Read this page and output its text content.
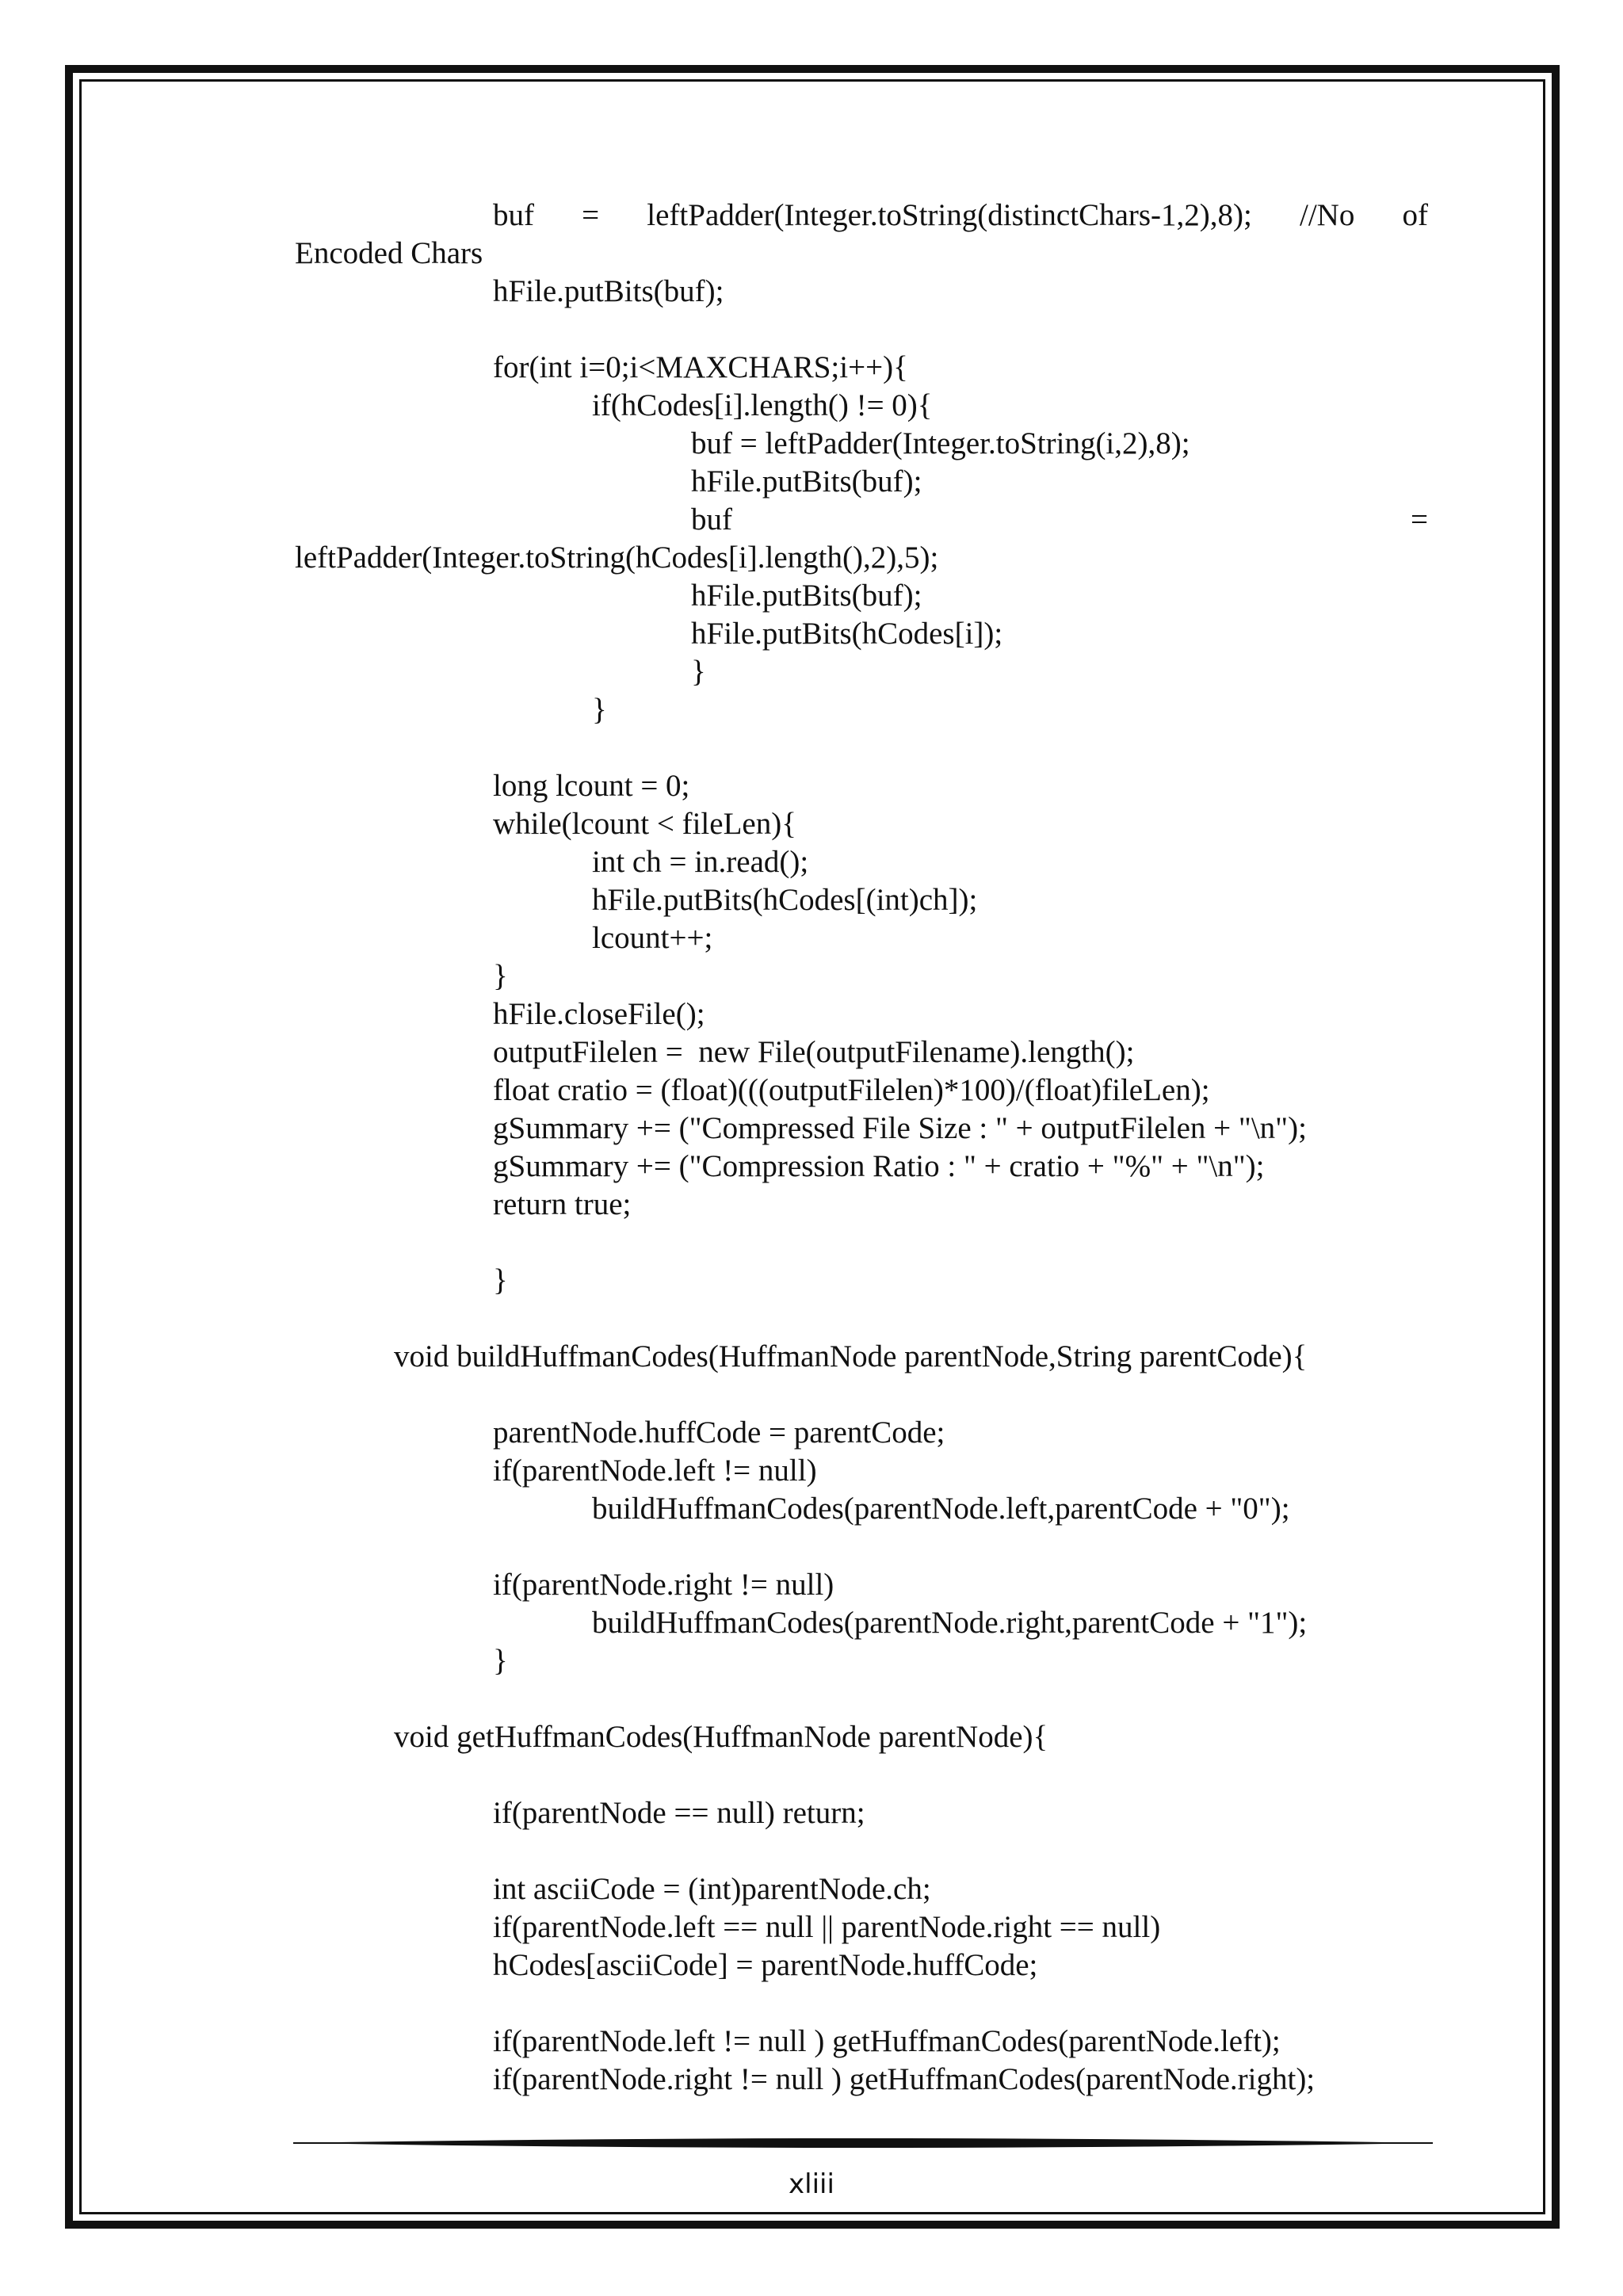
buf = leftPadder(Integer.toString(distinctChars-1,2),8); //No of
Encoded Chars
hFile.putBits(buf);
for(int i=0;i<MAXCHARS;i++){
if(hCodes[i].length() != 0){
buf = leftPadder(Integer.toString(i,2),8);
hFile.putBits(buf);
buf	=
leftPadder(Integer.toString(hCodes[i].length(),2),5);
hFile.putBits(buf);
hFile.putBits(hCodes[i]);
}
}
long lcount = 0;
while(lcount < fileLen){
int ch = in.read();
hFile.putBits(hCodes[(int)ch]);
lcount++;
}
hFile.closeFile();
outputFilelen =  new File(outputFilename).length();
float cratio = (float)(((outputFilelen)*100)/(float)fileLen);
gSummary += ("Compressed File Size : " + outputFilelen + "\n");
gSummary += ("Compression Ratio : " + cratio + "%" + "\n");
return true;
}
void buildHuffmanCodes(HuffmanNode parentNode,String parentCode){
parentNode.huffCode = parentCode;
if(parentNode.left != null)
buildHuffmanCodes(parentNode.left,parentCode + "0");
if(parentNode.right != null)
buildHuffmanCodes(parentNode.right,parentCode + "1");
}
void getHuffmanCodes(HuffmanNode parentNode){
if(parentNode == null) return;
int asciiCode = (int)parentNode.ch;
if(parentNode.left == null || parentNode.right == null)
hCodes[asciiCode] = parentNode.huffCode;
if(parentNode.left != null ) getHuffmanCodes(parentNode.left);
if(parentNode.right != null ) getHuffmanCodes(parentNode.right);
xliii
